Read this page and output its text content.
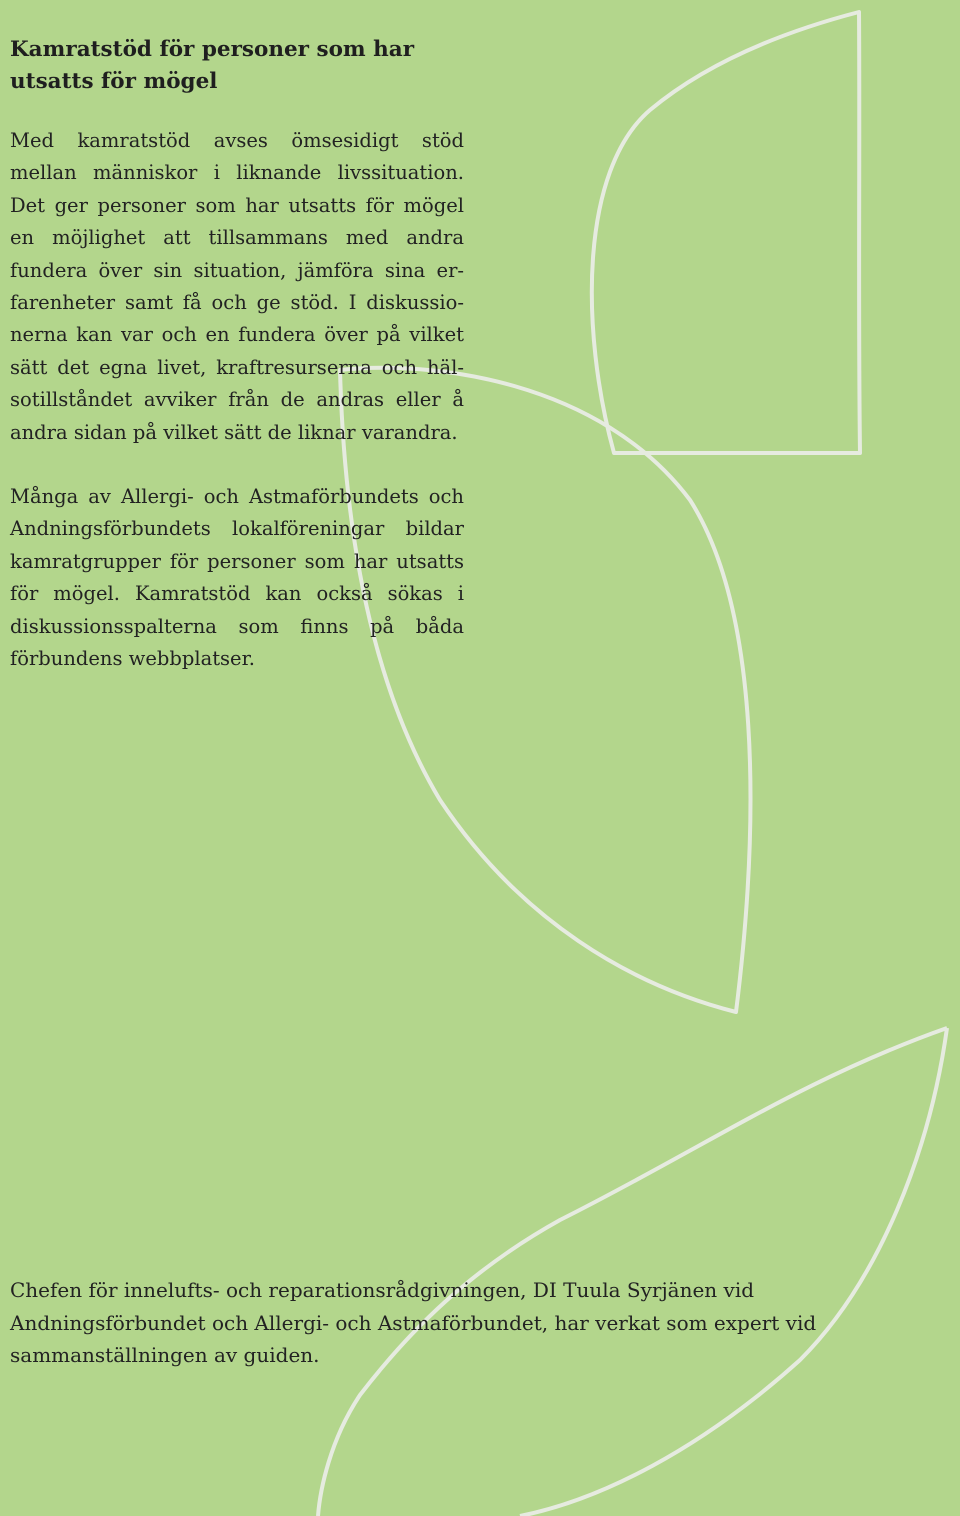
Kamratstöd för personer som har utsatts för mögel

Med kamratstöd avses ömsesidigt stöd mellan människor i liknande livssituation. Det ger personer som har utsatts för mögel en möjlighet att tillsammans med andra fundera över sin situation, jämföra sina erfarenheter samt få och ge stöd. I diskussionerna kan var och en fundera över på vilket sätt det egna livet, kraftresurserna och hälsotillståndet avviker från de andras eller å andra sidan på vilket sätt de liknar varandra.

Många av Allergi- och Astmaförbundets och Andningsförbundets lokalföreningar bildar kamratgrupper för personer som har utsatts för mögel. Kamratstöd kan också sökas i diskussionsspalterna som finns på båda förbundens webbplatser.

Chefen för innelufts- och reparationsrådgivningen, DI Tuula Syrjänen vid Andningsförbundet och Allergi- och Astmaförbundet, har verkat som expert vid sammanställningen av guiden.
